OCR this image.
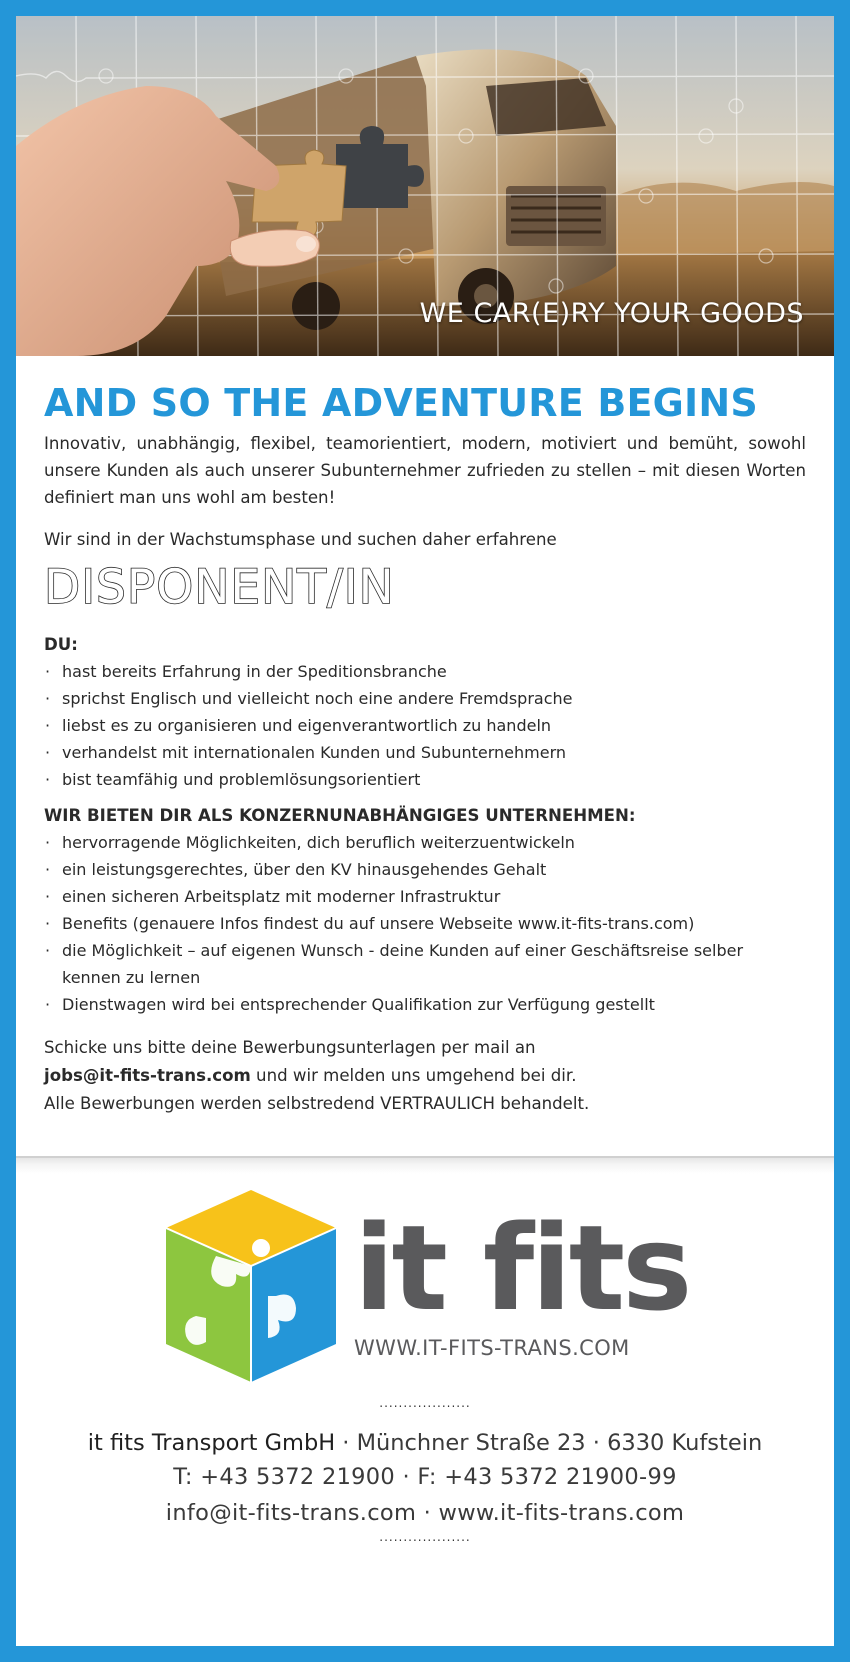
WE CAR(E)RY YOUR GOODS
AND SO THE ADVENTURE BEGINS

Innovativ, unabhängig, flexibel, teamorientiert, modern, motiviert und bemüht, sowohl unsere Kunden als auch unserer Subunternehmer zufrieden zu stellen – mit diesen Worten definiert man uns wohl am besten!

Wir sind in der Wachstumsphase und suchen daher erfahrene

DISPONENT/IN
DU:
· hast bereits Erfahrung in der Speditionsbranche
· sprichst Englisch und vielleicht noch eine andere Fremdsprache
· liebst es zu organisieren und eigenverantwortlich zu handeln
· verhandelst mit internationalen Kunden und Subunternehmern
· bist teamfähig und problemlösungsorientiert
WIR BIETEN DIR ALS KONZERNUNABHÄNGIGES UNTERNEHMEN:
· hervorragende Möglichkeiten, dich beruflich weiterzuentwickeln
· ein leistungsgerechtes, über den KV hinausgehendes Gehalt
· einen sicheren Arbeitsplatz mit moderner Infrastruktur
· Benefits (genauere Infos findest du auf unsere Webseite www.it-fits-trans.com)
· die Möglichkeit – auf eigenen Wunsch - deine Kunden auf einer Geschäftsreise selber kennen zu lernen
· Dienstwagen wird bei entsprechender Qualifikation zur Verfügung gestellt
Schicke uns bitte deine Bewerbungsunterlagen per mail an
jobs@it-fits-trans.com und wir melden uns umgehend bei dir.
Alle Bewerbungen werden selbstredend VERTRAULICH behandelt.
it fits
WWW.IT-FITS-TRANS.COM
...................
it fits Transport GmbH · Münchner Straße 23 · 6330 Kufstein
T: +43 5372 21900 · F: +43 5372 21900-99
info@it-fits-trans.com · www.it-fits-trans.com
...................
